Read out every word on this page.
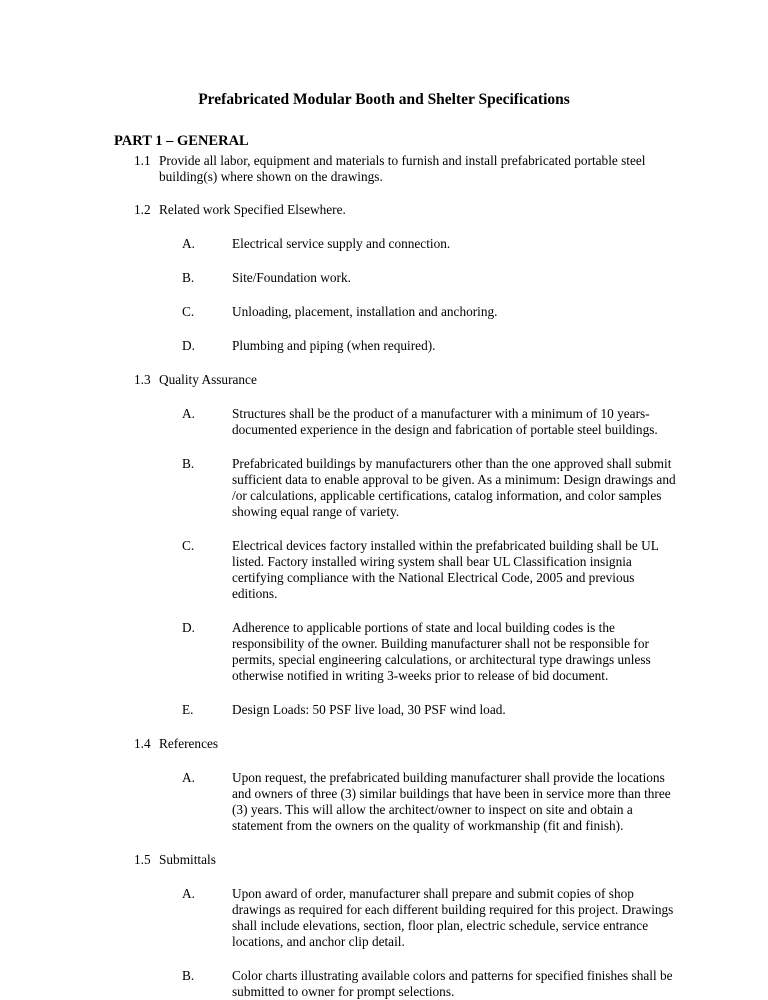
Prefabricated Modular Booth and Shelter Specifications
PART 1 – GENERAL
1.1 Provide all labor, equipment and materials to furnish and install prefabricated portable steel building(s) where shown on the drawings.
1.2 Related work Specified Elsewhere.
A.	Electrical service supply and connection.
B.	Site/Foundation work.
C.	Unloading, placement, installation and anchoring.
D.	Plumbing and piping (when required).
1.3 Quality Assurance
A.	Structures shall be the product of a manufacturer with a minimum of 10 years-documented experience in the design and fabrication of portable steel buildings.
B.	Prefabricated buildings by manufacturers other than the one approved shall submit sufficient data to enable approval to be given. As a minimum: Design drawings and /or calculations, applicable certifications, catalog information, and color samples showing equal range of variety.
C.	Electrical devices factory installed within the prefabricated building shall be UL listed. Factory installed wiring system shall bear UL Classification insignia certifying compliance with the National Electrical Code, 2005 and previous editions.
D.	Adherence to applicable portions of state and local building codes is the responsibility of the owner. Building manufacturer shall not be responsible for permits, special engineering calculations, or architectural type drawings unless otherwise notified in writing 3-weeks prior to release of bid document.
E.	Design Loads: 50 PSF live load, 30 PSF wind load.
1.4 References
A.	Upon request, the prefabricated building manufacturer shall provide the locations and owners of three (3) similar buildings that have been in service more than three (3) years. This will allow the architect/owner to inspect on site and obtain a statement from the owners on the quality of workmanship (fit and finish).
1.5 Submittals
A.	Upon award of order, manufacturer shall prepare and submit copies of shop drawings as required for each different building required for this project. Drawings shall include elevations, section, floor plan, electric schedule, service entrance locations, and anchor clip detail.
B.	Color charts illustrating available colors and patterns for specified finishes shall be submitted to owner for prompt selections.
